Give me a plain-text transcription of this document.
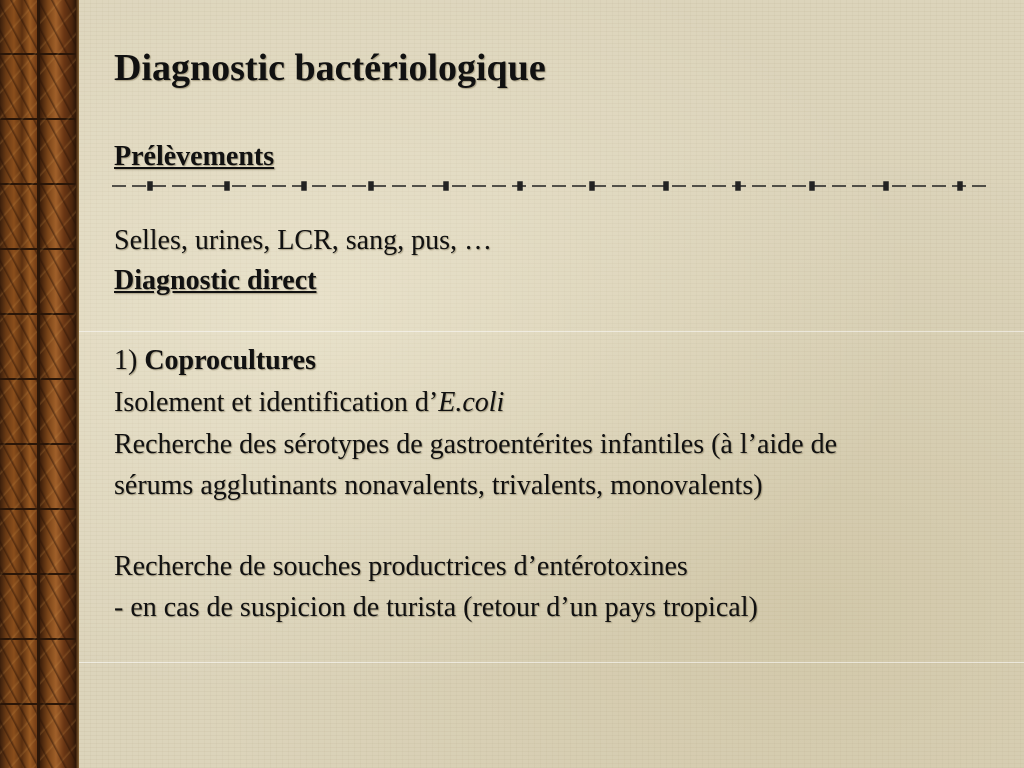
Diagnostic bactériologique
Prélèvements
Selles, urines, LCR, sang, pus, …
Diagnostic direct
1) Coprocultures
Isolement et identification d’E.coli
Recherche des sérotypes de gastroentérites infantiles (à l’aide de
sérums agglutinants nonavalents, trivalents, monovalents)
Recherche de souches productrices d’entérotoxines
- en cas de suspicion de turista (retour d’un pays tropical)
